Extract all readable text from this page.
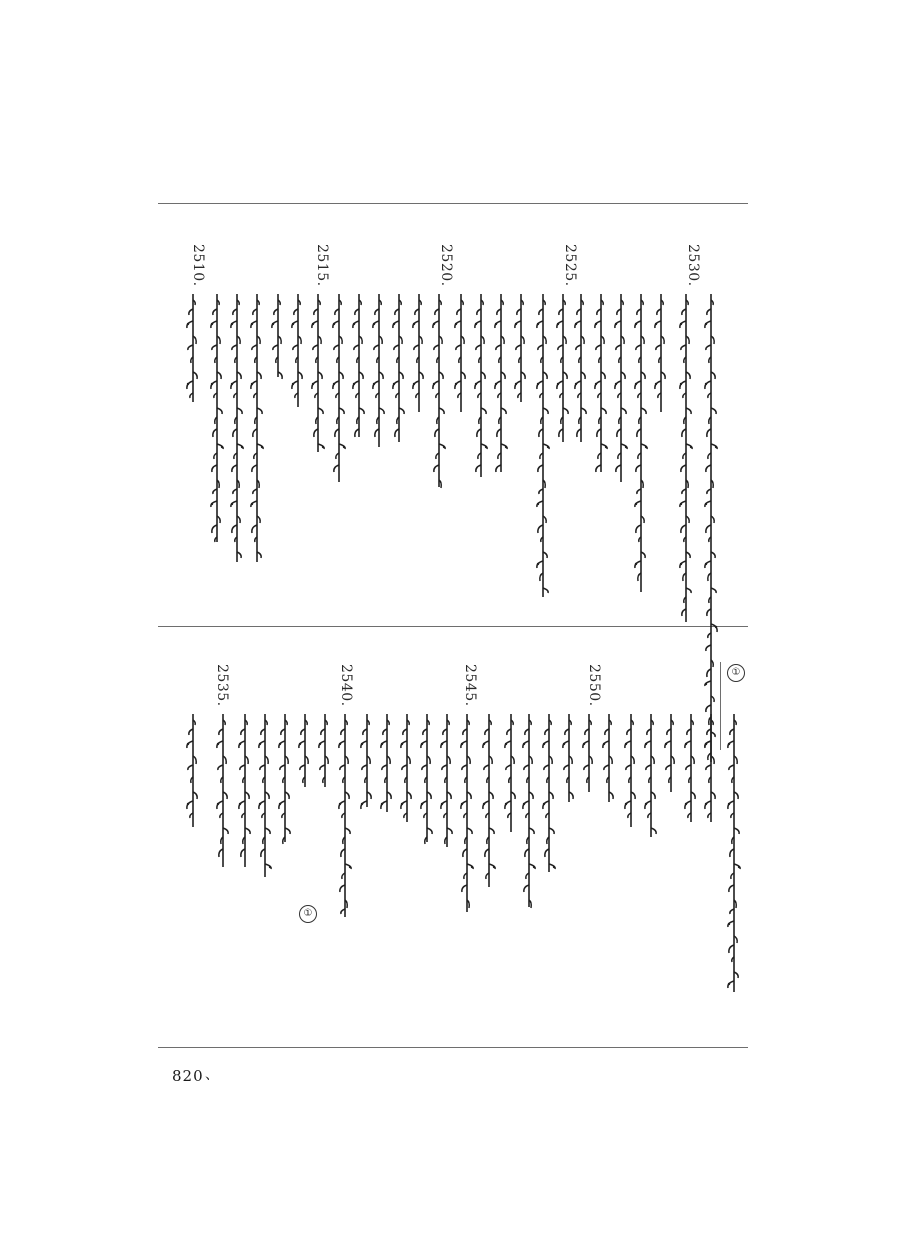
2530.
2525.
2520.
2515.
2510.
2550.
2545.
2540.
2535.	①
①
820 、
